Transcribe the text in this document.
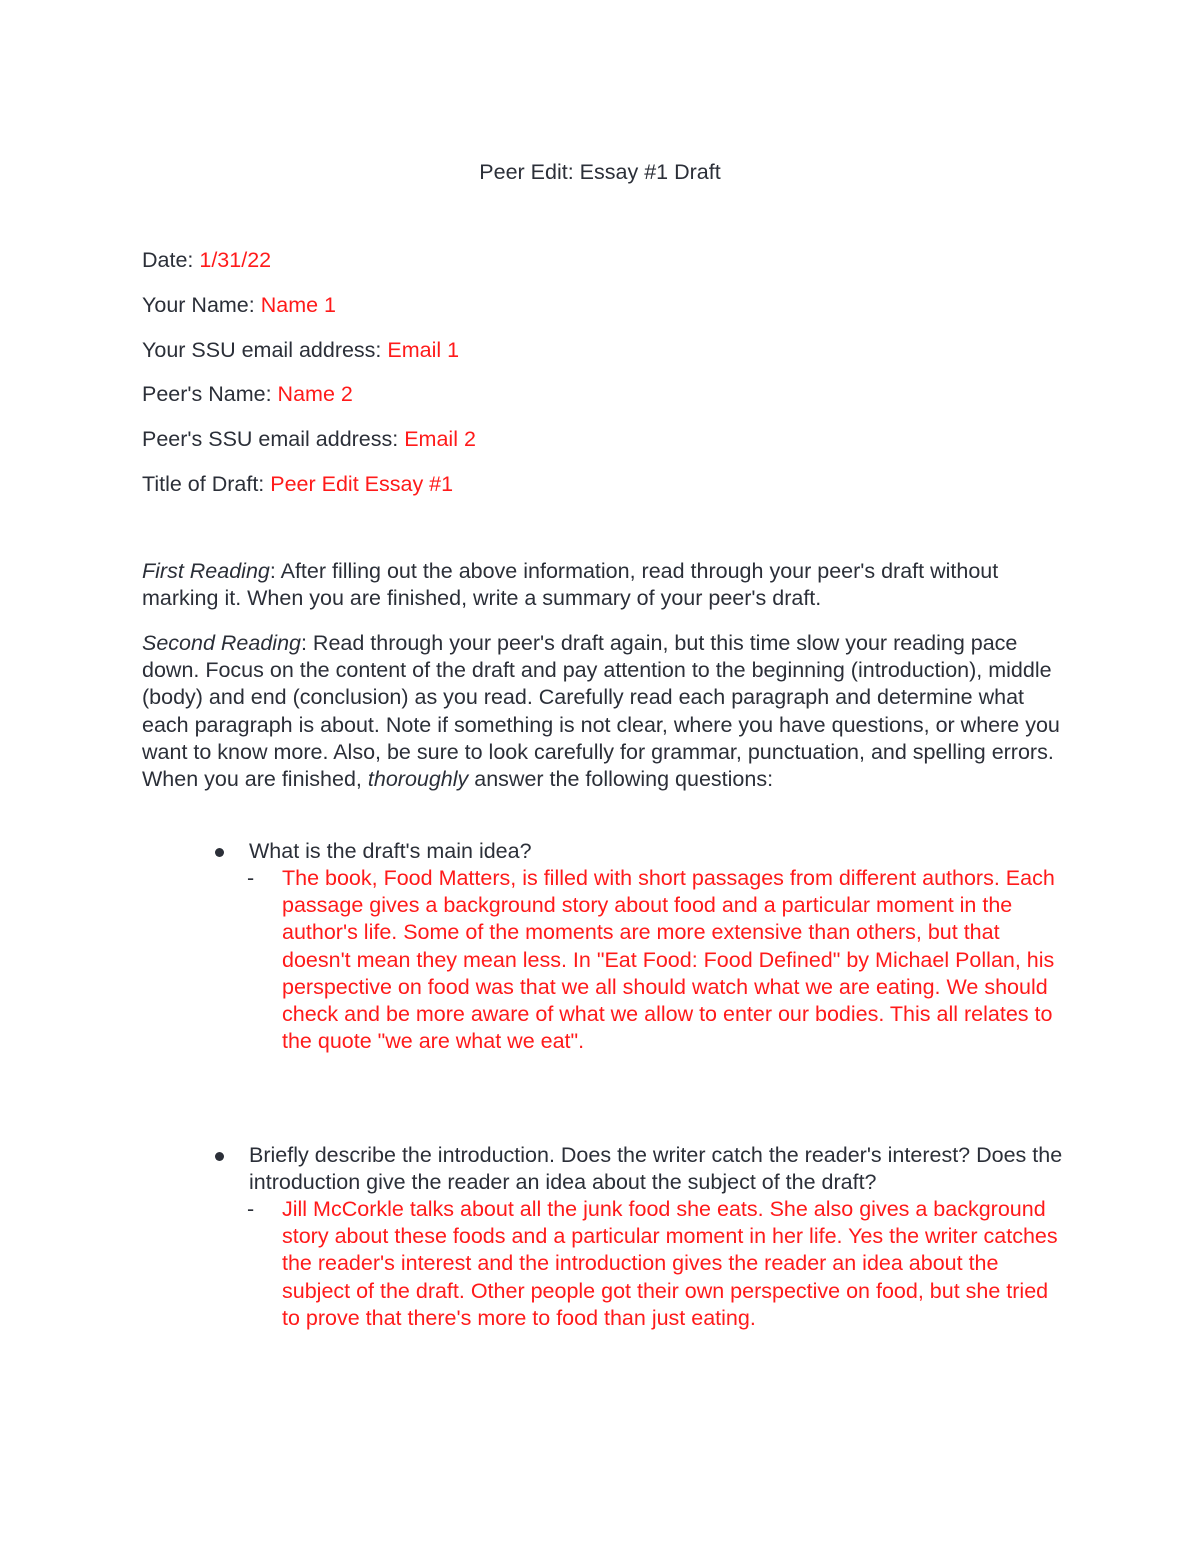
Peer Edit: Essay #1 Draft
Date: 1/31/22
Your Name: Name 1
Your SSU email address: Email 1
Peer's Name: Name 2
Peer's SSU email address: Email 2
Title of Draft: Peer Edit Essay #1
First Reading: After filling out the above information, read through your peer's draft without marking it. When you are finished, write a summary of your peer's draft.
Second Reading: Read through your peer's draft again, but this time slow your reading pace down. Focus on the content of the draft and pay attention to the beginning (introduction), middle (body) and end (conclusion) as you read. Carefully read each paragraph and determine what each paragraph is about. Note if something is not clear, where you have questions, or where you want to know more. Also, be sure to look carefully for grammar, punctuation, and spelling errors. When you are finished, thoroughly answer the following questions:
What is the draft's main idea?
- The book, Food Matters, is filled with short passages from different authors. Each passage gives a background story about food and a particular moment in the author's life. Some of the moments are more extensive than others, but that doesn't mean they mean less. In "Eat Food: Food Defined" by Michael Pollan, his perspective on food was that we all should watch what we are eating. We should check and be more aware of what we allow to enter our bodies. This all relates to the quote "we are what we eat".
Briefly describe the introduction. Does the writer catch the reader's interest? Does the introduction give the reader an idea about the subject of the draft?
- Jill McCorkle talks about all the junk food she eats. She also gives a background story about these foods and a particular moment in her life. Yes the writer catches the reader's interest and the introduction gives the reader an idea about the subject of the draft. Other people got their own perspective on food, but she tried to prove that there's more to food than just eating.
